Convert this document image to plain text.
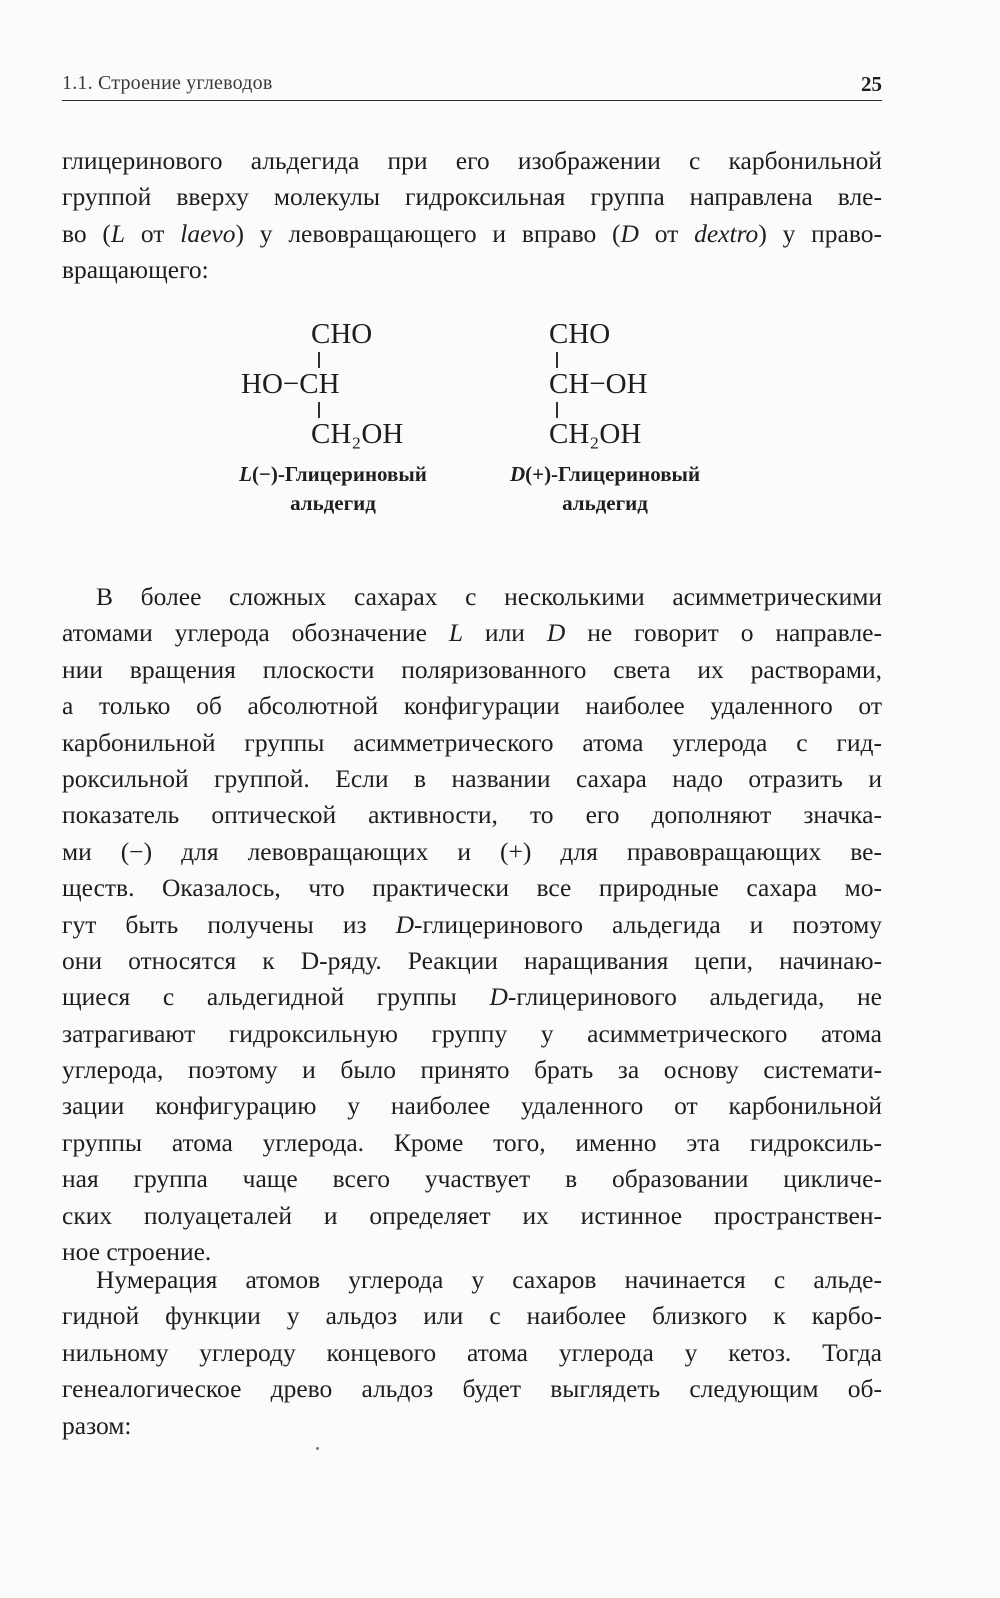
1.1. Строение углеводов	25
глицеринового альдегида при его изображении с карбонильной
группой вверху молекулы гидроксильная группа направлена вле-
во (L от laevo) у левовращающего и вправо (D от dextro) у право-
вращающего:
CHO
HO−CH
CH₂OH
L(−)-Глицериновый
альдегид
CHO
CH−OH
CH₂OH
D(+)-Глицериновый
альдегид
В более сложных сахарах с несколькими асимметрическими
атомами углерода обозначение L или D не говорит о направле-
нии вращения плоскости поляризованного света их растворами,
а только об абсолютной конфигурации наиболее удаленного от
карбонильной группы асимметрического атома углерода с гид-
роксильной группой. Если в названии сахара надо отразить и
показатель оптической активности, то его дополняют значка-
ми (−) для левовращающих и (+) для правовращающих ве-
ществ. Оказалось, что практически все природные сахара мо-
гут быть получены из D-глицеринового альдегида и поэтому
они относятся к D-ряду. Реакции наращивания цепи, начинаю-
щиеся с альдегидной группы D-глицеринового альдегида, не
затрагивают гидроксильную группу у асимметрического атома
углерода, поэтому и было принято брать за основу системати-
зации конфигурацию у наиболее удаленного от карбонильной
группы атома углерода. Кроме того, именно эта гидроксиль-
ная группа чаще всего участвует в образовании цикличе-
ских полуацеталей и определяет их истинное пространствен-
ное строение.
Нумерация атомов углерода у сахаров начинается с альде-
гидной функции у альдоз или с наиболее близкого к карбо-
нильному углероду концевого атома углерода у кетоз. Тогда
генеалогическое древо альдоз будет выглядеть следующим об-
разом:
